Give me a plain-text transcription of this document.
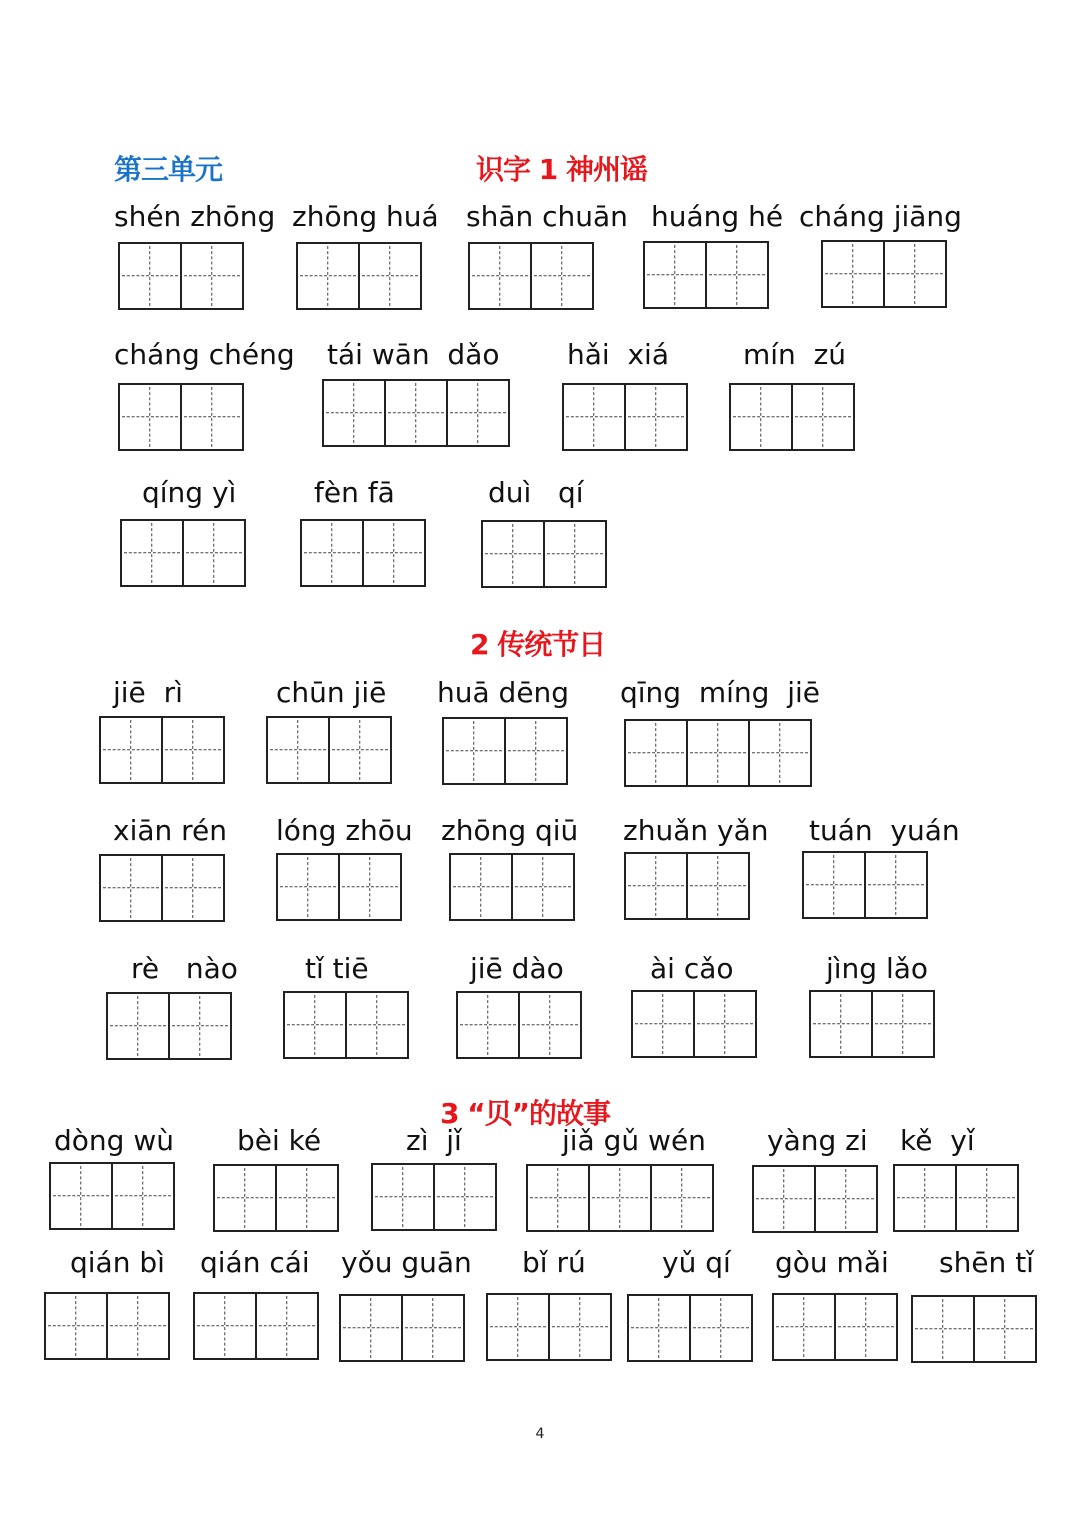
第三单元	识字 1 神州谣
2 传统节日
3 “贝”的故事
shén zhōng zhōng huá shān chuān huáng hé cháng jiāng
cháng chéng tái wān  dǎo hǎi  xiá	mín  zú
qíng yì	fèn fā	duì   qí
jiē  rì	chūn jiē huā dēng qīng  míng  jiē
xiān rén lóng zhōu zhōng qiū zhuǎn yǎn tuán  yuán
rè   nào tǐ tiē	jiē dào	ài cǎo	jìng lǎo
dòng wù bèi ké	zì  jǐ	jiǎ gǔ wén yàng zi kě  yǐ
qián bì qián cái yǒu guān bǐ rú	yǔ qí gòu mǎi shēn tǐ
4
